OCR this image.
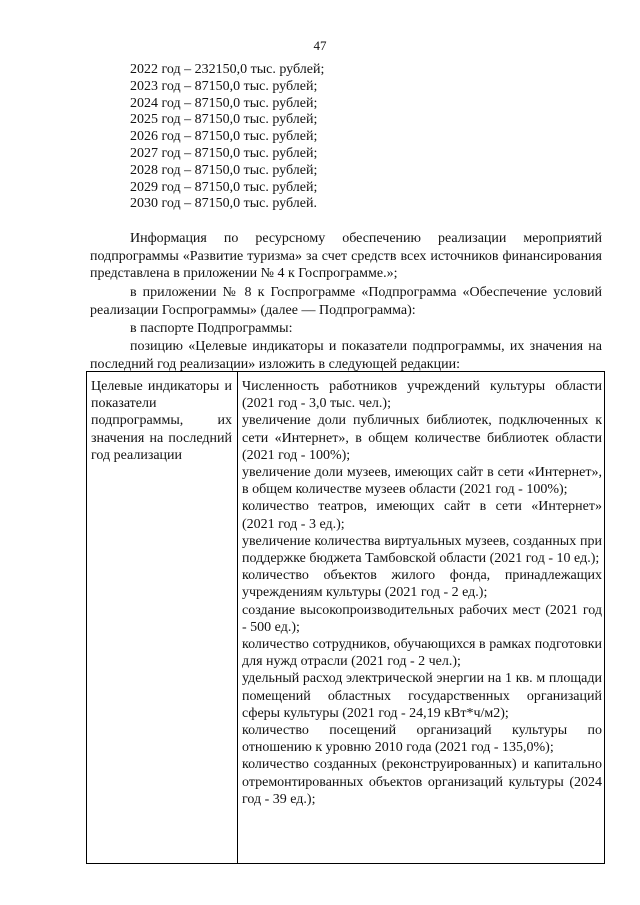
47
2022 год – 232150,0 тыс. рублей;
2023 год – 87150,0 тыс. рублей;
2024 год – 87150,0 тыс. рублей;
2025 год – 87150,0 тыс. рублей;
2026 год – 87150,0 тыс. рублей;
2027 год – 87150,0 тыс. рублей;
2028 год – 87150,0 тыс. рублей;
2029 год – 87150,0 тыс. рублей;
2030 год – 87150,0 тыс. рублей.

Информация по ресурсному обеспечению реализации мероприятий подпрограммы «Развитие туризма» за счет средств всех источников финансирования представлена в приложении № 4 к Госпрограмме.»;

в приложении № 8 к Госпрограмме «Подпрограмма «Обеспечение условий реализации Госпрограммы» (далее — Подпрограмма):

в паспорте Подпрограммы:

позицию «Целевые индикаторы и показатели подпрограммы, их значения на последний год реализации» изложить в следующей редакции:

Целевые индикаторы и показатели подпрограммы, их значения на последний год реализации

Численность работников учреждений культуры области (2021 год - 3,0 тыс. чел.);

увеличение доли публичных библиотек, подключенных к сети «Интернет», в общем количестве библиотек области (2021 год - 100%);

увеличение доли музеев, имеющих сайт в сети «Интернет», в общем количестве музеев области (2021 год - 100%);

количество театров, имеющих сайт в сети «Интернет» (2021 год - 3 ед.);

увеличение количества виртуальных музеев, созданных при поддержке бюджета Тамбовской области (2021 год - 10 ед.);

количество объектов жилого фонда, принадлежащих учреждениям культуры (2021 год - 2 ед.);

создание высокопроизводительных рабочих мест (2021 год - 500 ед.);

количество сотрудников, обучающихся в рамках подготовки для нужд отрасли (2021 год - 2 чел.);

удельный расход электрической энергии на 1 кв. м площади помещений областных государственных организаций сферы культуры (2021 год - 24,19 кВт*ч/м2);

количество посещений организаций культуры по отношению к уровню 2010 года (2021 год - 135,0%);

количество созданных (реконструированных) и капитально отремонтированных объектов организаций культуры (2024 год - 39 ед.);
